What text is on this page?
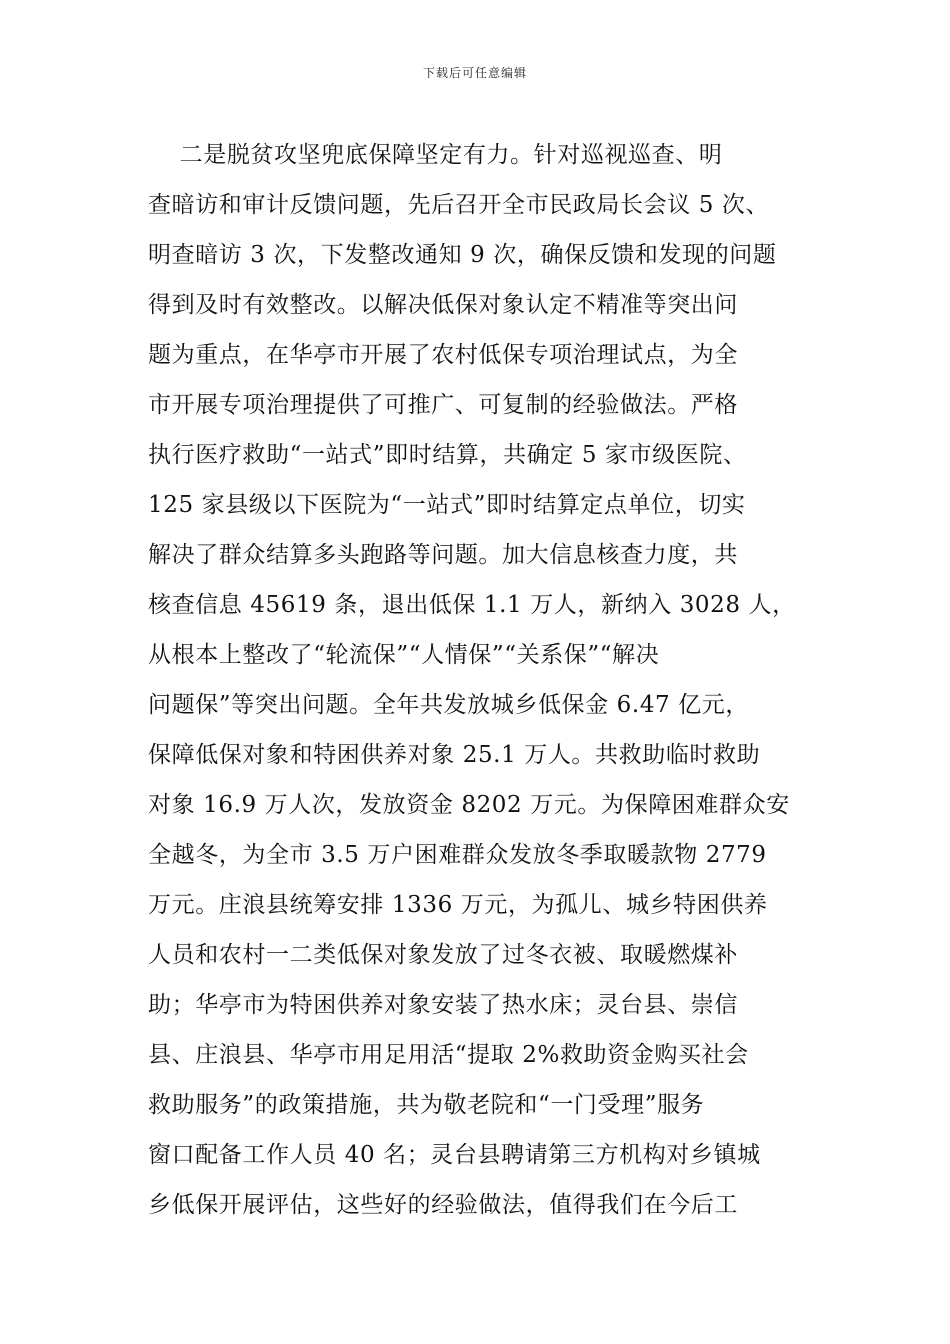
下载后可任意编辑
二是脱贫攻坚兜底保障坚定有力。针对巡视巡查、明
查暗访和审计反馈问题，先后召开全市民政局长会议 5 次、
明查暗访 3 次，下发整改通知 9 次，确保反馈和发现的问题
得到及时有效整改。以解决低保对象认定不精准等突出问
题为重点，在华亭市开展了农村低保专项治理试点，为全
市开展专项治理提供了可推广、可复制的经验做法。严格
执行医疗救助“一站式”即时结算，共确定 5 家市级医院、
125 家县级以下医院为“一站式”即时结算定点单位，切实
解决了群众结算多头跑路等问题。加大信息核查力度，共
核查信息 45619 条，退出低保 1.1 万人，新纳入 3028 人，
从根本上整改了“轮流保”“人情保”“关系保”“解决
问题保”等突出问题。全年共发放城乡低保金 6.47 亿元，
保障低保对象和特困供养对象 25.1 万人。共救助临时救助
对象 16.9 万人次，发放资金 8202 万元。为保障困难群众安
全越冬，为全市 3.5 万户困难群众发放冬季取暖款物 2779
万元。庄浪县统筹安排 1336 万元，为孤儿、城乡特困供养
人员和农村一二类低保对象发放了过冬衣被、取暖燃煤补
助；华亭市为特困供养对象安装了热水床；灵台县、崇信
县、庄浪县、华亭市用足用活“提取 2%救助资金购买社会
救助服务”的政策措施，共为敬老院和“一门受理”服务
窗口配备工作人员 40 名；灵台县聘请第三方机构对乡镇城
乡低保开展评估，这些好的经验做法，值得我们在今后工
